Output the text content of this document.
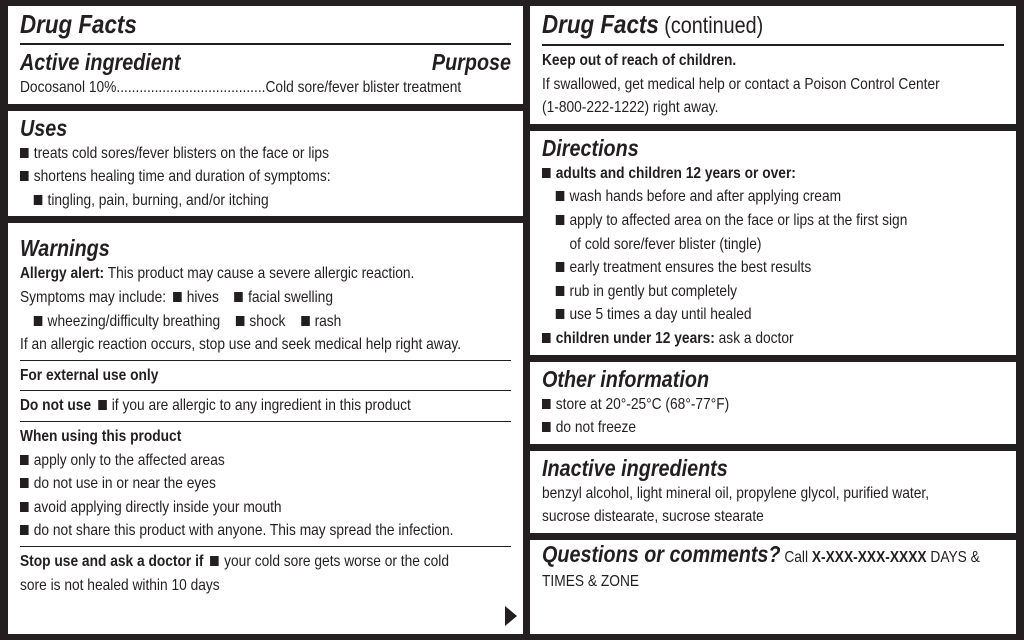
Drug Facts
Active ingredient	Purpose
Docosanol 10%.......................................Cold sore/fever blister treatment
Uses
treats cold sores/fever blisters on the face or lips
shortens healing time and duration of symptoms:
tingling, pain, burning, and/or itching
Warnings
Allergy alert: This product may cause a severe allergic reaction.
Symptoms may include: hives facial swelling
wheezing/difficulty breathing shock rash
If an allergic reaction occurs, stop use and seek medical help right away.
For external use only
Do not use if you are allergic to any ingredient in this product
When using this product
apply only to the affected areas
do not use in or near the eyes
avoid applying directly inside your mouth
do not share this product with anyone. This may spread the infection.
Stop use and ask a doctor if your cold sore gets worse or the cold
sore is not healed within 10 days
Drug Facts (continued)
Keep out of reach of children.
If swallowed, get medical help or contact a Poison Control Center
(1-800-222-1222) right away.
Directions
adults and children 12 years or over:
wash hands before and after applying cream
apply to affected area on the face or lips at the first sign
of cold sore/fever blister (tingle)
early treatment ensures the best results
rub in gently but completely
use 5 times a day until healed
children under 12 years: ask a doctor
Other information
store at 20°-25°C (68°-77°F)
do not freeze
Inactive ingredients
benzyl alcohol, light mineral oil, propylene glycol, purified water,
sucrose distearate, sucrose stearate
Questions or comments? Call X-XXX-XXX-XXXX DAYS &
TIMES & ZONE
